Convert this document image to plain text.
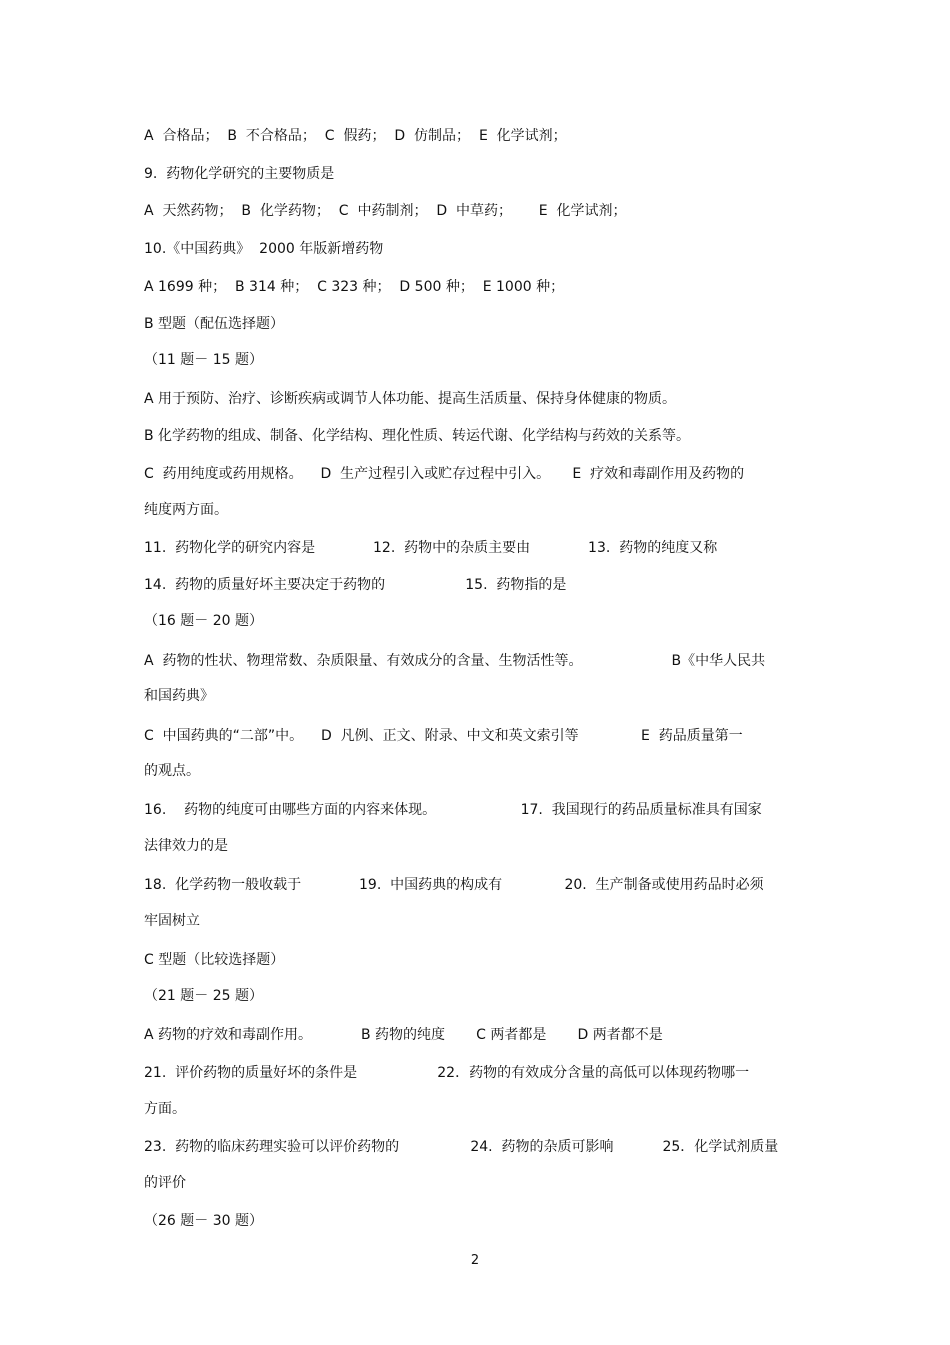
A  合格品；  B  不合格品；  C  假药；  D  仿制品；  E  化学试剂；
9.  药物化学研究的主要物质是
A  天然药物；  B  化学药物；  C  中药制剂；  D  中草药；      E  化学试剂；
10.《中国药典》  2000 年版新增药物
A 1699 种；  B 314 种；  C 323 种；  D 500 种；  E 1000 种；
B 型题（配伍选择题）
（11 题－ 15 题）
A 用于预防、治疗、诊断疾病或调节人体功能、提高生活质量、保持身体健康的物质。
B 化学药物的组成、制备、化学结构、理化性质、转运代谢、化学结构与药效的关系等。
C  药用纯度或药用规格。    D  生产过程引入或贮存过程中引入。     E  疗效和毒副作用及药物的
纯度两方面。
11.  药物化学的研究内容是             12.  药物中的杂质主要由             13.  药物的纯度又称
14.  药物的质量好坏主要决定于药物的                  15.  药物指的是
（16 题－ 20 题）
A  药物的性状、物理常数、杂质限量、有效成分的含量、生物活性等。                    B《中华人民共
和国药典》
C  中国药典的“二部”中。    D  凡例、正文、附录、中文和英文索引等              E  药品质量第一
的观点。
16.    药物的纯度可由哪些方面的内容来体现。                   17.  我国现行的药品质量标准具有国家
法律效力的是
18.  化学药物一般收载于             19.  中国药典的构成有              20.  生产制备或使用药品时必须
牢固树立
C 型题（比较选择题）
（21 题－ 25 题）
A 药物的疗效和毒副作用。           B 药物的纯度       C 两者都是       D 两者都不是
21.  评价药物的质量好坏的条件是                  22．药物的有效成分含量的高低可以体现药物哪一
方面。
23.  药物的临床药理实验可以评价药物的                24.  药物的杂质可影响           25．化学试剂质量
的评价
（26 题－ 30 题）
2
